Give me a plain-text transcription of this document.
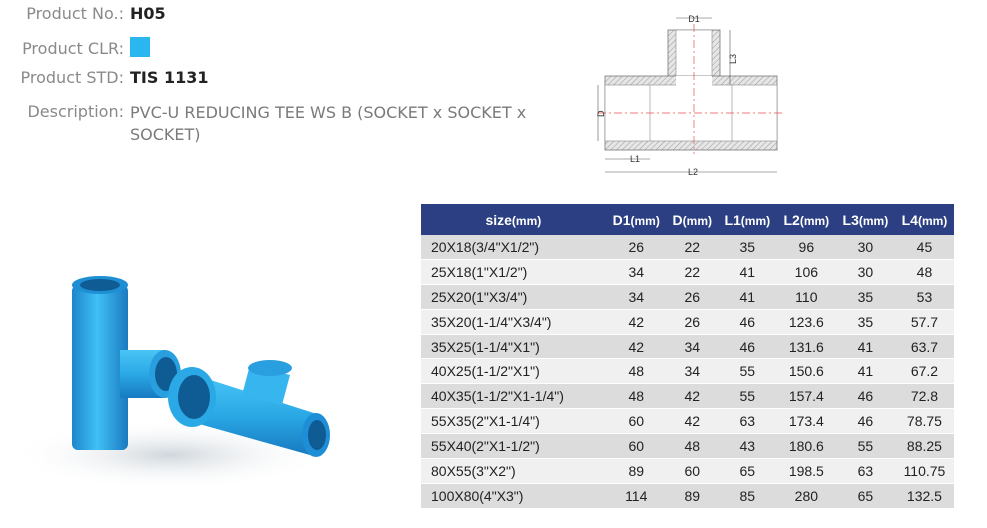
Product No.: H05
Product CLR:
Product STD: TIS 1131
Description: PVC-U REDUCING TEE WS B (SOCKET x SOCKET x SOCKET)
D1
L3
D
L1
L2
size(mm)	D1(mm)	D(mm)	L1(mm)	L2(mm)	L3(mm)	L4(mm)
20X18(3/4"X1/2")	26	22	35	96	30	45
25X18(1"X1/2")	34	22	41	106	30	48
25X20(1"X3/4")	34	26	41	110	35	53
35X20(1-1/4"X3/4")	42	26	46	123.6	35	57.7
35X25(1-1/4"X1")	42	34	46	131.6	41	63.7
40X25(1-1/2"X1")	48	34	55	150.6	41	67.2
40X35(1-1/2"X1-1/4")	48	42	55	157.4	46	72.8
55X35(2"X1-1/4")	60	42	63	173.4	46	78.75
55X40(2"X1-1/2")	60	48	43	180.6	55	88.25
80X55(3"X2")	89	60	65	198.5	63	110.75
100X80(4"X3")	114	89	85	280	65	132.5
